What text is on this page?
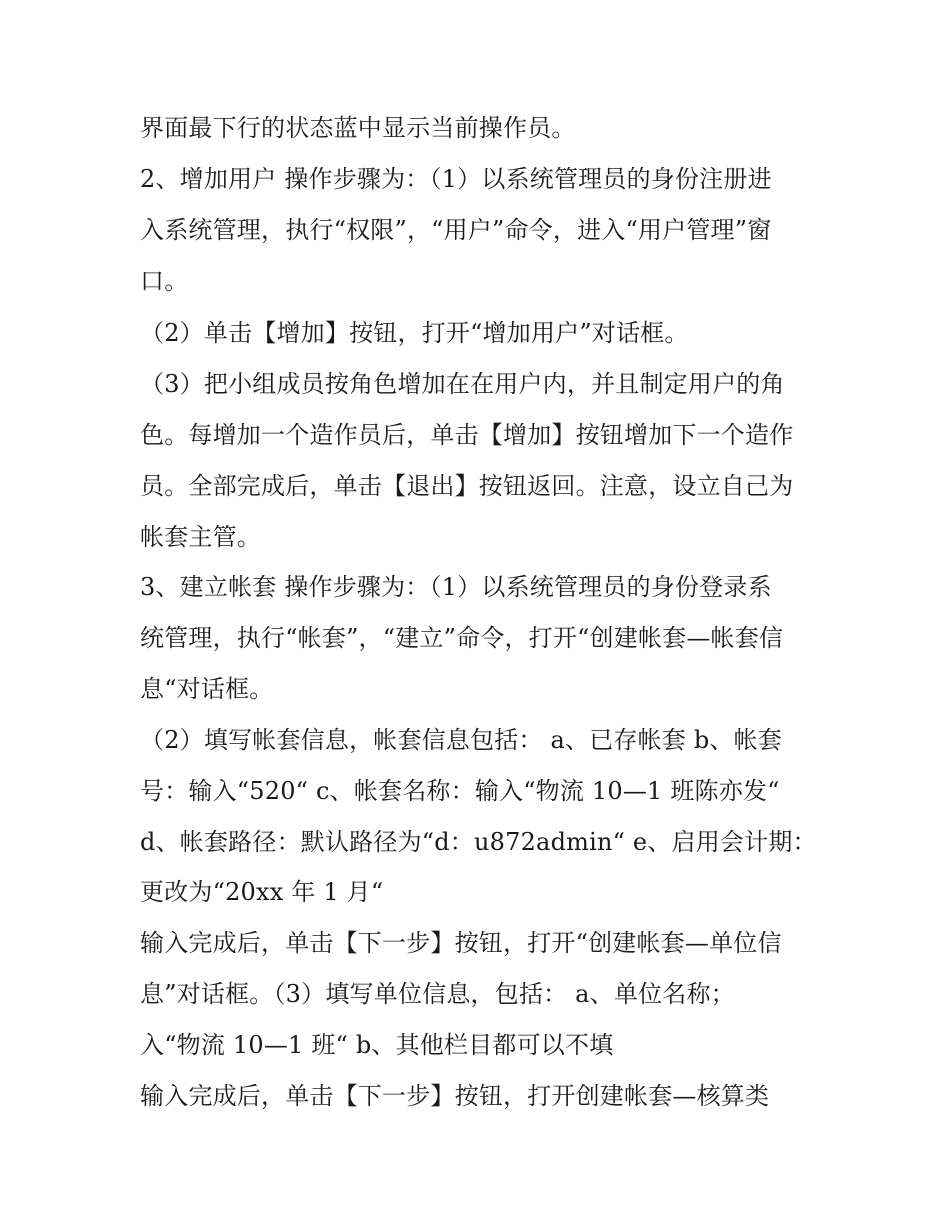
界面最下行的状态蓝中显示当前操作员。
2、增加用户 操作步骤为：（1）以系统管理员的身份注册进
入系统管理，执行“权限”，“用户”命令，进入“用户管理”窗
口。
（2）单击【增加】按钮，打开“增加用户”对话框。
（3）把小组成员按角色增加在在用户内，并且制定用户的角
色。每增加一个造作员后，单击【增加】按钮增加下一个造作
员。全部完成后，单击【退出】按钮返回。注意，设立自己为
帐套主管。
3、建立帐套 操作步骤为：（1）以系统管理员的身份登录系
统管理，执行“帐套”，“建立”命令，打开“创建帐套—帐套信
息“对话框。
（2）填写帐套信息，帐套信息包括： a、已存帐套 b、帐套
号：输入“520“ c、帐套名称：输入“物流 10—1 班陈亦发“
d、帐套路径：默认路径为“d：u872admin“ e、启用会计期：
更改为“20xx 年 1 月“
输入完成后，单击【下一步】按钮，打开“创建帐套—单位信
息”对话框。（3）填写单位信息，包括： a、单位名称；
入“物流 10—1 班“ b、其他栏目都可以不填
输入完成后，单击【下一步】按钮，打开创建帐套—核算类
